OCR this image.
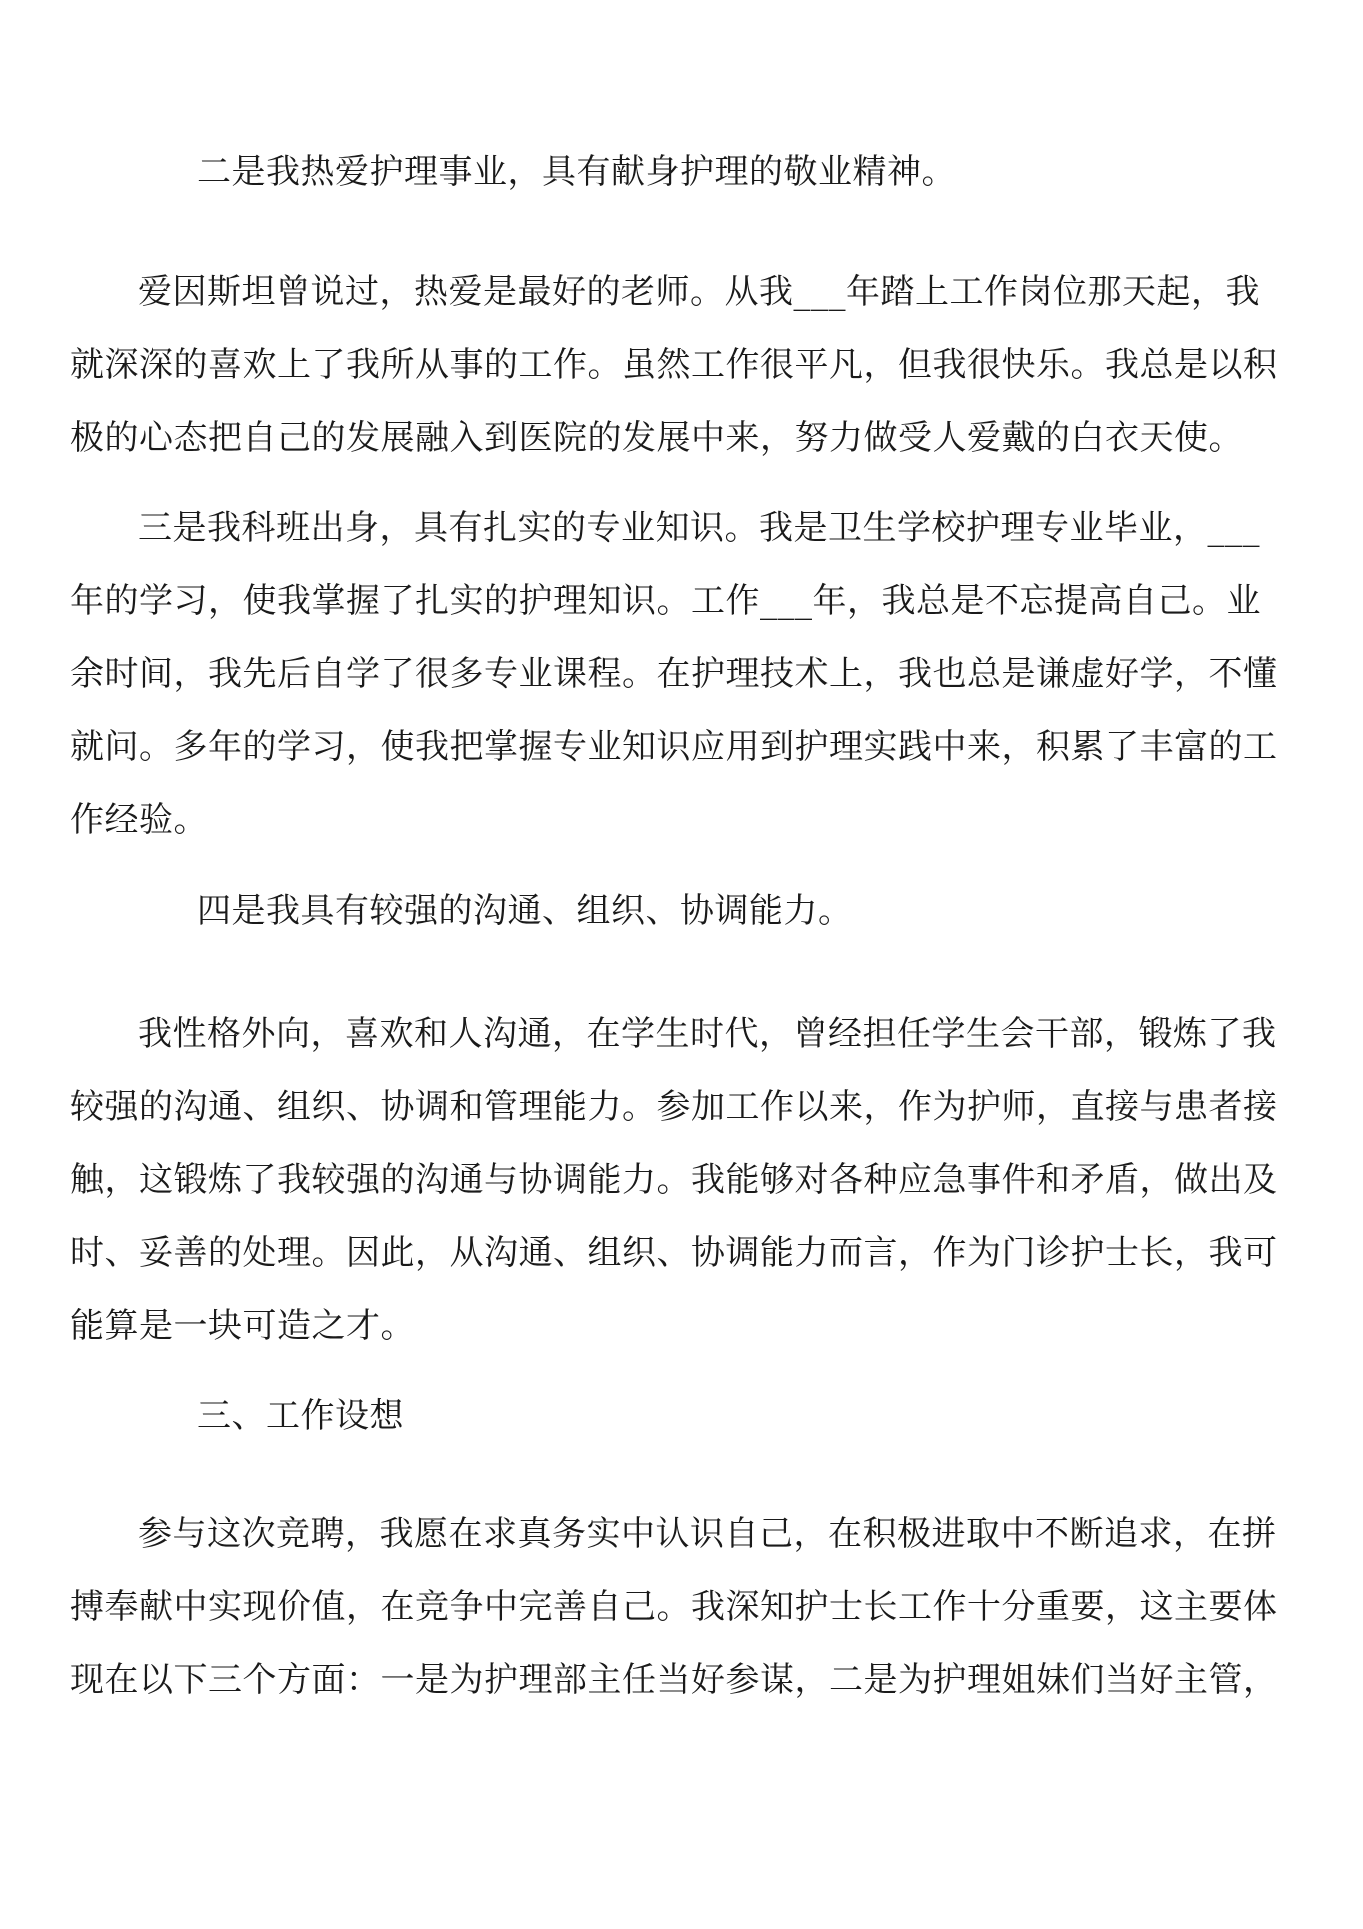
二是我热爱护理事业，具有献身护理的敬业精神。

爱因斯坦曾说过，热爱是最好的老师。从我___年踏上工作岗位那天起，我
就深深的喜欢上了我所从事的工作。虽然工作很平凡，但我很快乐。我总是以积
极的心态把自己的发展融入到医院的发展中来，努力做受人爱戴的白衣天使。

三是我科班出身，具有扎实的专业知识。我是卫生学校护理专业毕业，___
年的学习，使我掌握了扎实的护理知识。工作___年，我总是不忘提高自己。业
余时间，我先后自学了很多专业课程。在护理技术上，我也总是谦虚好学，不懂
就问。多年的学习，使我把掌握专业知识应用到护理实践中来，积累了丰富的工
作经验。

四是我具有较强的沟通、组织、协调能力。

我性格外向，喜欢和人沟通，在学生时代，曾经担任学生会干部，锻炼了我
较强的沟通、组织、协调和管理能力。参加工作以来，作为护师，直接与患者接
触，这锻炼了我较强的沟通与协调能力。我能够对各种应急事件和矛盾，做出及
时、妥善的处理。因此，从沟通、组织、协调能力而言，作为门诊护士长，我可
能算是一块可造之才。

三、工作设想

参与这次竞聘，我愿在求真务实中认识自己，在积极进取中不断追求，在拼
搏奉献中实现价值，在竞争中完善自己。我深知护士长工作十分重要，这主要体
现在以下三个方面：一是为护理部主任当好参谋，二是为护理姐妹们当好主管，
